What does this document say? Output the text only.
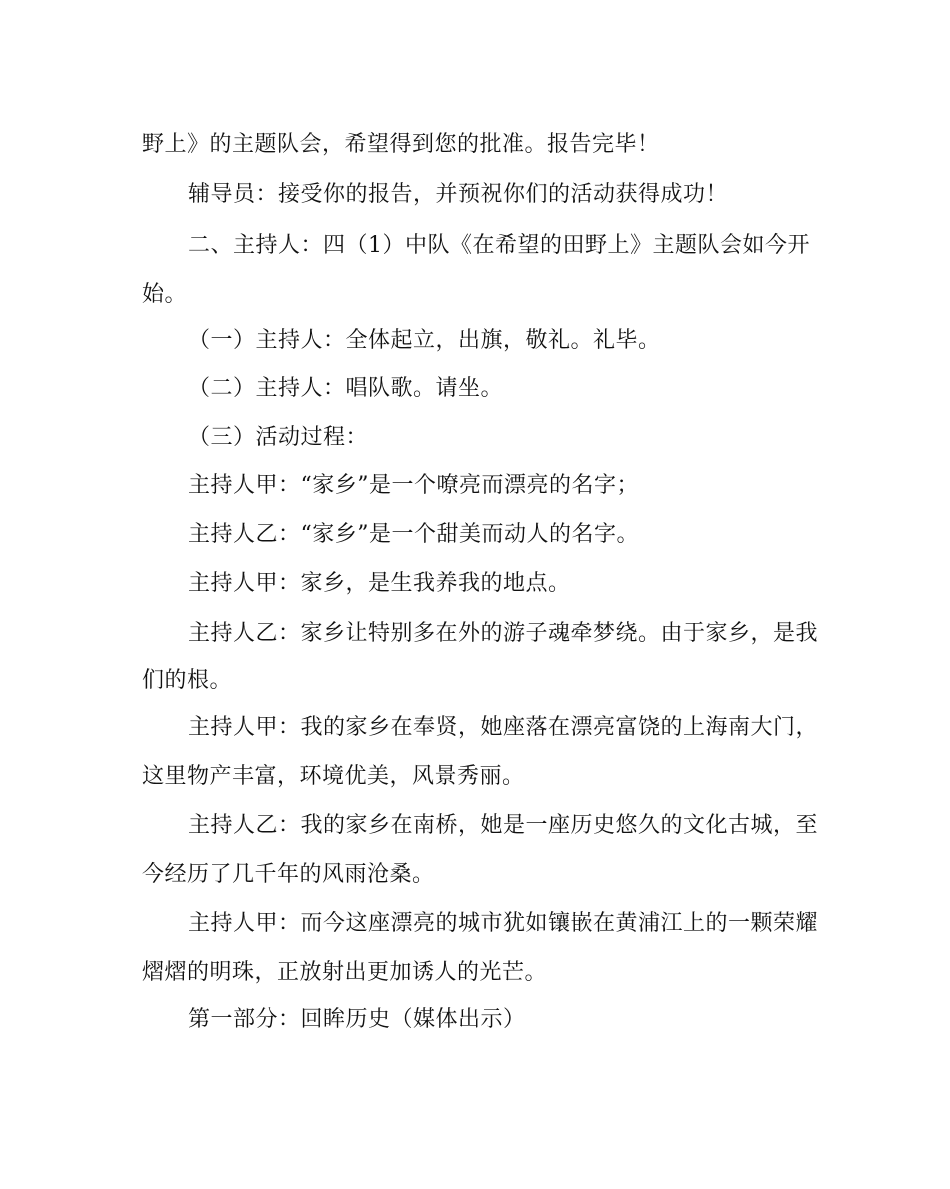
野上》的主题队会，希望得到您的批准。报告完毕！
辅导员：接受你的报告，并预祝你们的活动获得成功！
二、主持人：四（1）中队《在希望的田野上》主题队会如今开
始。
（一）主持人：全体起立，出旗，敬礼。礼毕。
（二）主持人：唱队歌。请坐。
（三）活动过程：
主持人甲：“家乡”是一个嘹亮而漂亮的名字；
主持人乙：“家乡”是一个甜美而动人的名字。
主持人甲：家乡，是生我养我的地点。
主持人乙：家乡让特别多在外的游子魂牵梦绕。由于家乡，是我
们的根。
主持人甲：我的家乡在奉贤，她座落在漂亮富饶的上海南大门，
这里物产丰富，环境优美，风景秀丽。
主持人乙：我的家乡在南桥，她是一座历史悠久的文化古城，至
今经历了几千年的风雨沧桑。
主持人甲：而今这座漂亮的城市犹如镶嵌在黄浦江上的一颗荣耀
熠熠的明珠，正放射出更加诱人的光芒。
第一部分：回眸历史（媒体出示）
